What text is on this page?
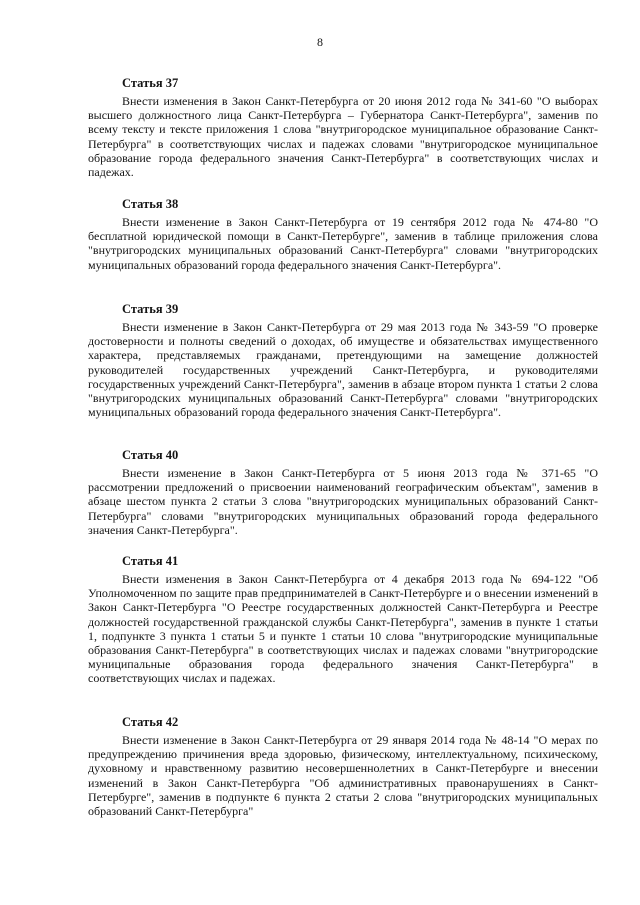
8

Статья 37

Внести изменения в Закон Санкт-Петербурга от 20 июня 2012 года № 341-60 "О выборах высшего должностного лица Санкт-Петербурга – Губернатора Санкт-Петербурга", заменив по всему тексту и тексте приложения 1 слова "внутригородское муниципальное образование Санкт-Петербурга" в соответствующих числах и падежах словами "внутригородское муниципальное образование города федерального значения Санкт-Петербурга" в соответствующих числах и падежах.

Статья 38

Внести изменение в Закон Санкт-Петербурга от 19 сентября 2012 года № 474-80 "О бесплатной юридической помощи в Санкт-Петербурге", заменив в таблице приложения слова "внутригородских муниципальных образований Санкт-Петербурга" словами "внутригородских муниципальных образований города федерального значения Санкт-Петербурга".

Статья 39

Внести изменение в Закон Санкт-Петербурга от 29 мая 2013 года № 343-59 "О проверке достоверности и полноты сведений о доходах, об имуществе и обязательствах имущественного характера, представляемых гражданами, претендующими на замещение должностей руководителей государственных учреждений Санкт-Петербурга, и руководителями государственных учреждений Санкт-Петербурга", заменив в абзаце втором пункта 1 статьи 2 слова "внутригородских муниципальных образований Санкт-Петербурга" словами "внутригородских муниципальных образований города федерального значения Санкт-Петербурга".

Статья 40

Внести изменение в Закон Санкт-Петербурга от 5 июня 2013 года № 371-65 "О рассмотрении предложений о присвоении наименований географическим объектам", заменив в абзаце шестом пункта 2 статьи 3 слова "внутригородских муниципальных образований Санкт-Петербурга" словами "внутригородских муниципальных образований города федерального значения Санкт-Петербурга".

Статья 41

Внести изменения в Закон Санкт-Петербурга от 4 декабря 2013 года № 694-122 "Об Уполномоченном по защите прав предпринимателей в Санкт-Петербурге и о внесении изменений в Закон Санкт-Петербурга "О Реестре государственных должностей Санкт-Петербурга и Реестре должностей государственной гражданской службы Санкт-Петербурга", заменив в пункте 1 статьи 1, подпункте 3 пункта 1 статьи 5 и пункте 1 статьи 10 слова "внутригородские муниципальные образования Санкт-Петербурга" в соответствующих числах и падежах словами "внутригородские муниципальные образования города федерального значения Санкт-Петербурга" в соответствующих числах и падежах.

Статья 42

Внести изменение в Закон Санкт-Петербурга от 29 января 2014 года № 48-14 "О мерах по предупреждению причинения вреда здоровью, физическому, интеллектуальному, психическому, духовному и нравственному развитию несовершеннолетних в Санкт-Петербурге и внесении изменений в Закон Санкт-Петербурга "Об административных правонарушениях в Санкт-Петербурге", заменив в подпункте 6 пункта 2 статьи 2 слова "внутригородских муниципальных образований Санкт-Петербурга"
